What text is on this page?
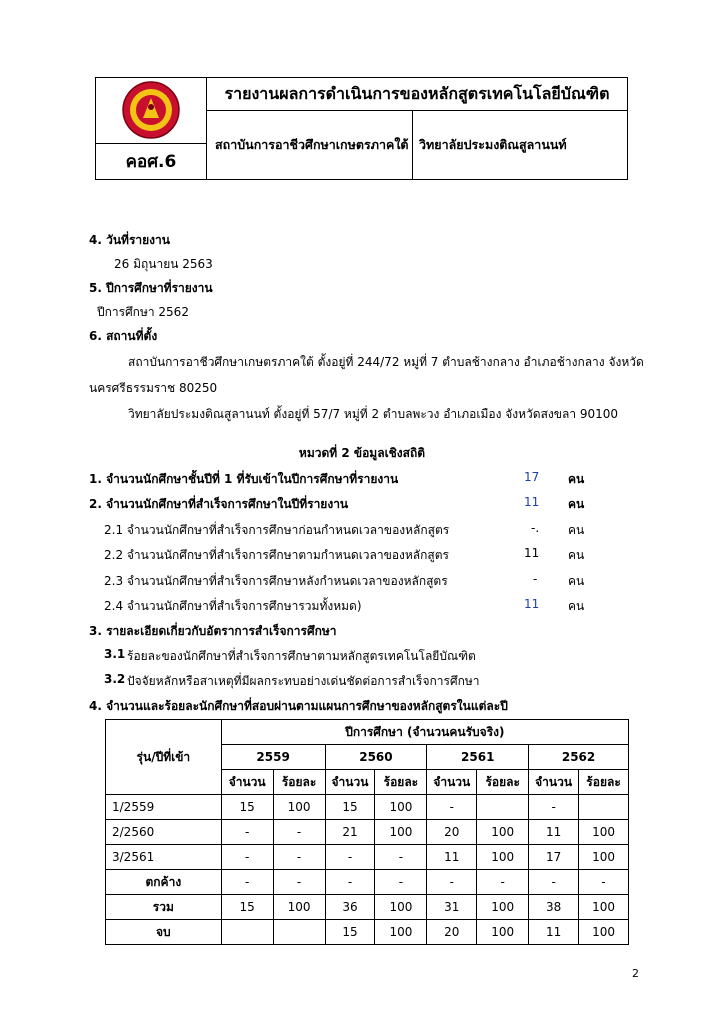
คอศ.6
รายงานผลการดำเนินการของหลักสูตรเทคโนโลยีบัณฑิต
สถาบันการอาชีวศึกษาเกษตรภาคใต้ วิทยาลัยประมงติณสูลานนท์
4. วันที่รายงาน
26 มิถุนายน 2563
5. ปีการศึกษาที่รายงาน
ปีการศึกษา 2562
6. สถานที่ตั้ง
สถาบันการอาชีวศึกษาเกษตรภาคใต้ ตั้งอยู่ที่ 244/72 หมู่ที่ 7 ตำบลช้างกลาง อำเภอช้างกลาง จังหวัด
นครศรีธรรมราช 80250
วิทยาลัยประมงติณสูลานนท์ ตั้งอยู่ที่ 57/7 หมู่ที่ 2 ตำบลพะวง อำเภอเมือง จังหวัดสงขลา 90100
หมวดที่ 2 ข้อมูลเชิงสถิติ
1. จำนวนนักศึกษาชั้นปีที่ 1 ที่รับเข้าในปีการศึกษาที่รายงาน	17 คน
2. จำนวนนักศึกษาที่สำเร็จการศึกษาในปีที่รายงาน	11 คน
2.1 จำนวนนักศึกษาที่สำเร็จการศึกษาก่อนกำหนดเวลาของหลักสูตร	-. คน
2.2 จำนวนนักศึกษาที่สำเร็จการศึกษาตามกำหนดเวลาของหลักสูตร	11 คน
2.3 จำนวนนักศึกษาที่สำเร็จการศึกษาหลังกำหนดเวลาของหลักสูตร	-	คน
2.4 จำนวนนักศึกษาที่สำเร็จการศึกษารวมทั้งหมด)	11 คน
3. รายละเอียดเกี่ยวกับอัตราการสำเร็จการศึกษา
3.1 ร้อยละของนักศึกษาที่สำเร็จการศึกษาตามหลักสูตรเทคโนโลยีบัณฑิต
3.2 ปัจจัยหลักหรือสาเหตุที่มีผลกระทบอย่างเด่นชัดต่อการสำเร็จการศึกษา
4. จำนวนและร้อยละนักศึกษาที่สอบผ่านตามแผนการศึกษาของหลักสูตรในแต่ละปี
รุ่น/ปีที่เข้า	ปีการศึกษา (จำนวนคนรับจริง)							
	2559		2560		2561		2562	
	จำนวน	ร้อยละ	จำนวน	ร้อยละ	จำนวน	ร้อยละ	จำนวน	ร้อยละ
1/2559	15	100	15	100	-		-	
2/2560	-	-	21	100	20	100	11	100
3/2561	-	-	-	-	11	100	17	100
ตกค้าง	-	-	-	-	-	-	-	-
รวม	15	100	36	100	31	100	38	100
จบ			15	100	20	100	11	100
2
